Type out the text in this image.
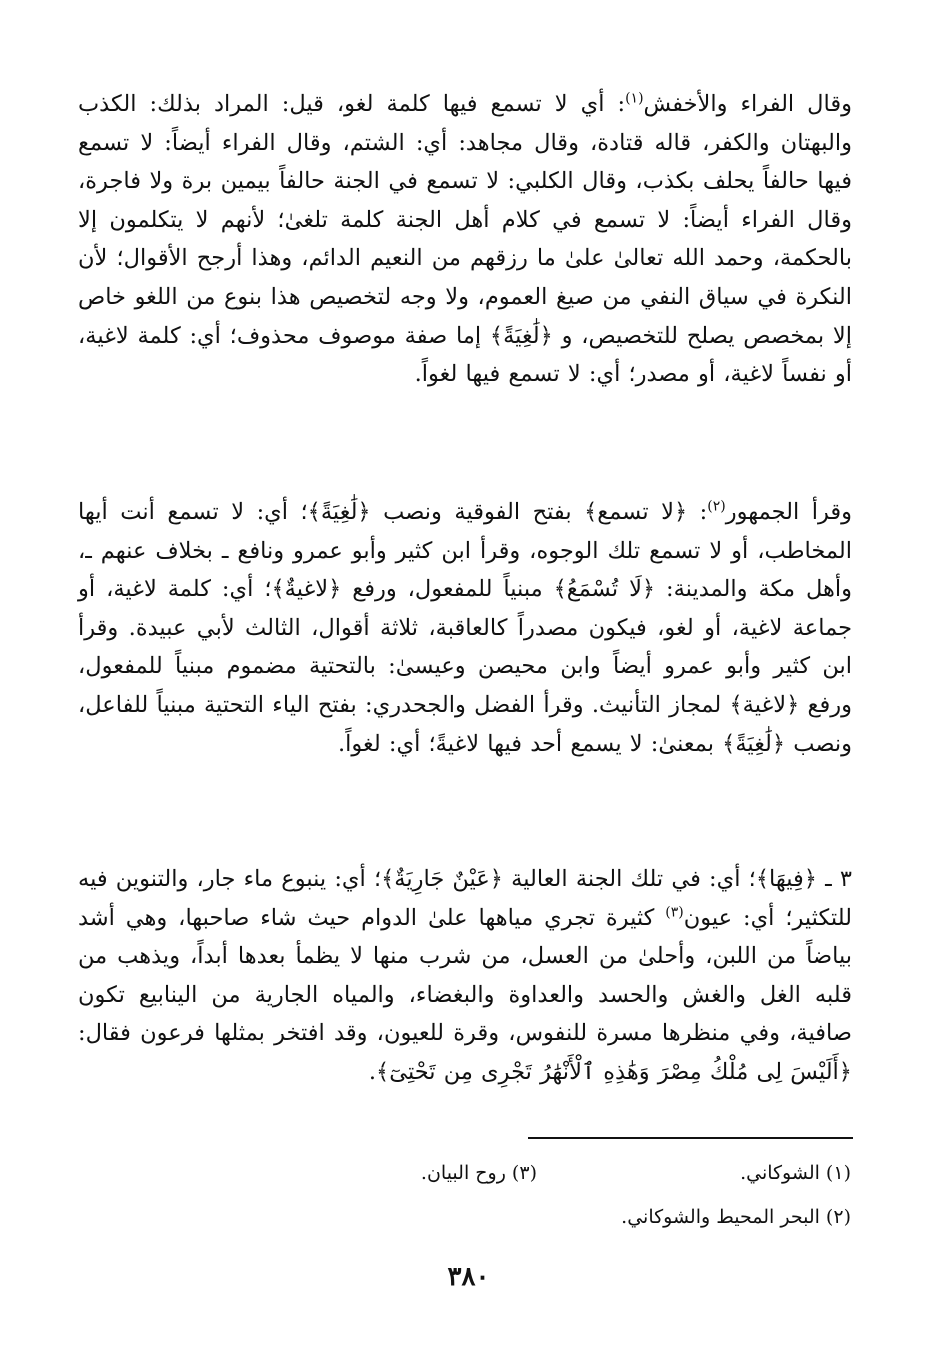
وقال الفراء والأخفش$^{(١)}$: أي لا تسمع فيها كلمة لغو، قيل: المراد بذلك: الكذب والبهتان والكفر، قاله قتادة، وقال مجاهد: أي: الشتم، وقال الفراء أيضاً: لا تسمع فيها حالفاً يحلف بكذب، وقال الكلبي: لا تسمع في الجنة حالفاً بيمين برة ولا فاجرة، وقال الفراء أيضاً: لا تسمع في كلام أهل الجنة كلمة تلغىٰ؛ لأنهم لا يتكلمون إلا بالحكمة، وحمد الله تعالىٰ علىٰ ما رزقهم من النعيم الدائم، وهذا أرجح الأقوال؛ لأن النكرة في سياق النفي من صيغ العموم، ولا وجه لتخصيص هذا بنوع من اللغو خاص إلا بمخصص يصلح للتخصيص، و ﴿لَٰغِيَةً﴾ إما صفة موصوف محذوف؛ أي: كلمة لاغية، أو نفساً لاغية، أو مصدر؛ أي: لا تسمع فيها لغواً.

وقرأ الجمهور$^{(٢)}$: ﴿لا تسمع﴾ بفتح الفوقية ونصب ﴿لَٰغِيَةً﴾؛ أي: لا تسمع أنت أيها المخاطب، أو لا تسمع تلك الوجوه، وقرأ ابن كثير وأبو عمرو ونافع ـ بخلاف عنهم ـ، وأهل مكة والمدينة: ﴿لَا تُسْمَعُ﴾ مبنياً للمفعول، ورفع ﴿لاغيةٌ﴾؛ أي: كلمة لاغية، أو جماعة لاغية، أو لغو، فيكون مصدراً كالعاقبة، ثلاثة أقوال، الثالث لأبي عبيدة. وقرأ ابن كثير وأبو عمرو أيضاً وابن محيصن وعيسىٰ: بالتحتية مضموم مبنياً للمفعول، ورفع ﴿لاغية﴾ لمجاز التأنيث. وقرأ الفضل والجحدري: بفتح الياء التحتية مبنياً للفاعل، ونصب ﴿لَٰغِيَةً﴾ بمعنىٰ: لا يسمع أحد فيها لاغيةً؛ أي: لغواً.

٣ ـ ﴿فِيهَا﴾؛ أي: في تلك الجنة العالية ﴿عَيْنٌ جَارِيَةٌ﴾؛ أي: ينبوع ماء جار، والتنوين فيه للتكثير؛ أي: عيون$^{(٣)}$ كثيرة تجري مياهها علىٰ الدوام حيث شاء صاحبها، وهي أشد بياضاً من اللبن، وأحلىٰ من العسل، من شرب منها لا يظمأ بعدها أبداً، ويذهب من قلبه الغل والغش والحسد والعداوة والبغضاء، والمياه الجارية من الينابيع تكون صافية، وفي منظرها مسرة للنفوس، وقرة للعيون، وقد افتخر بمثلها فرعون فقال: ﴿أَلَيْسَ لِى مُلْكُ مِصْرَ وَهَٰذِهِ ٱلْأَنْهَٰرُ تَجْرِى مِن تَحْتِىٓ﴾.

(١) الشوكاني.
(٣) روح البيان.
(٢) البحر المحيط والشوكاني.
٣٨٠
